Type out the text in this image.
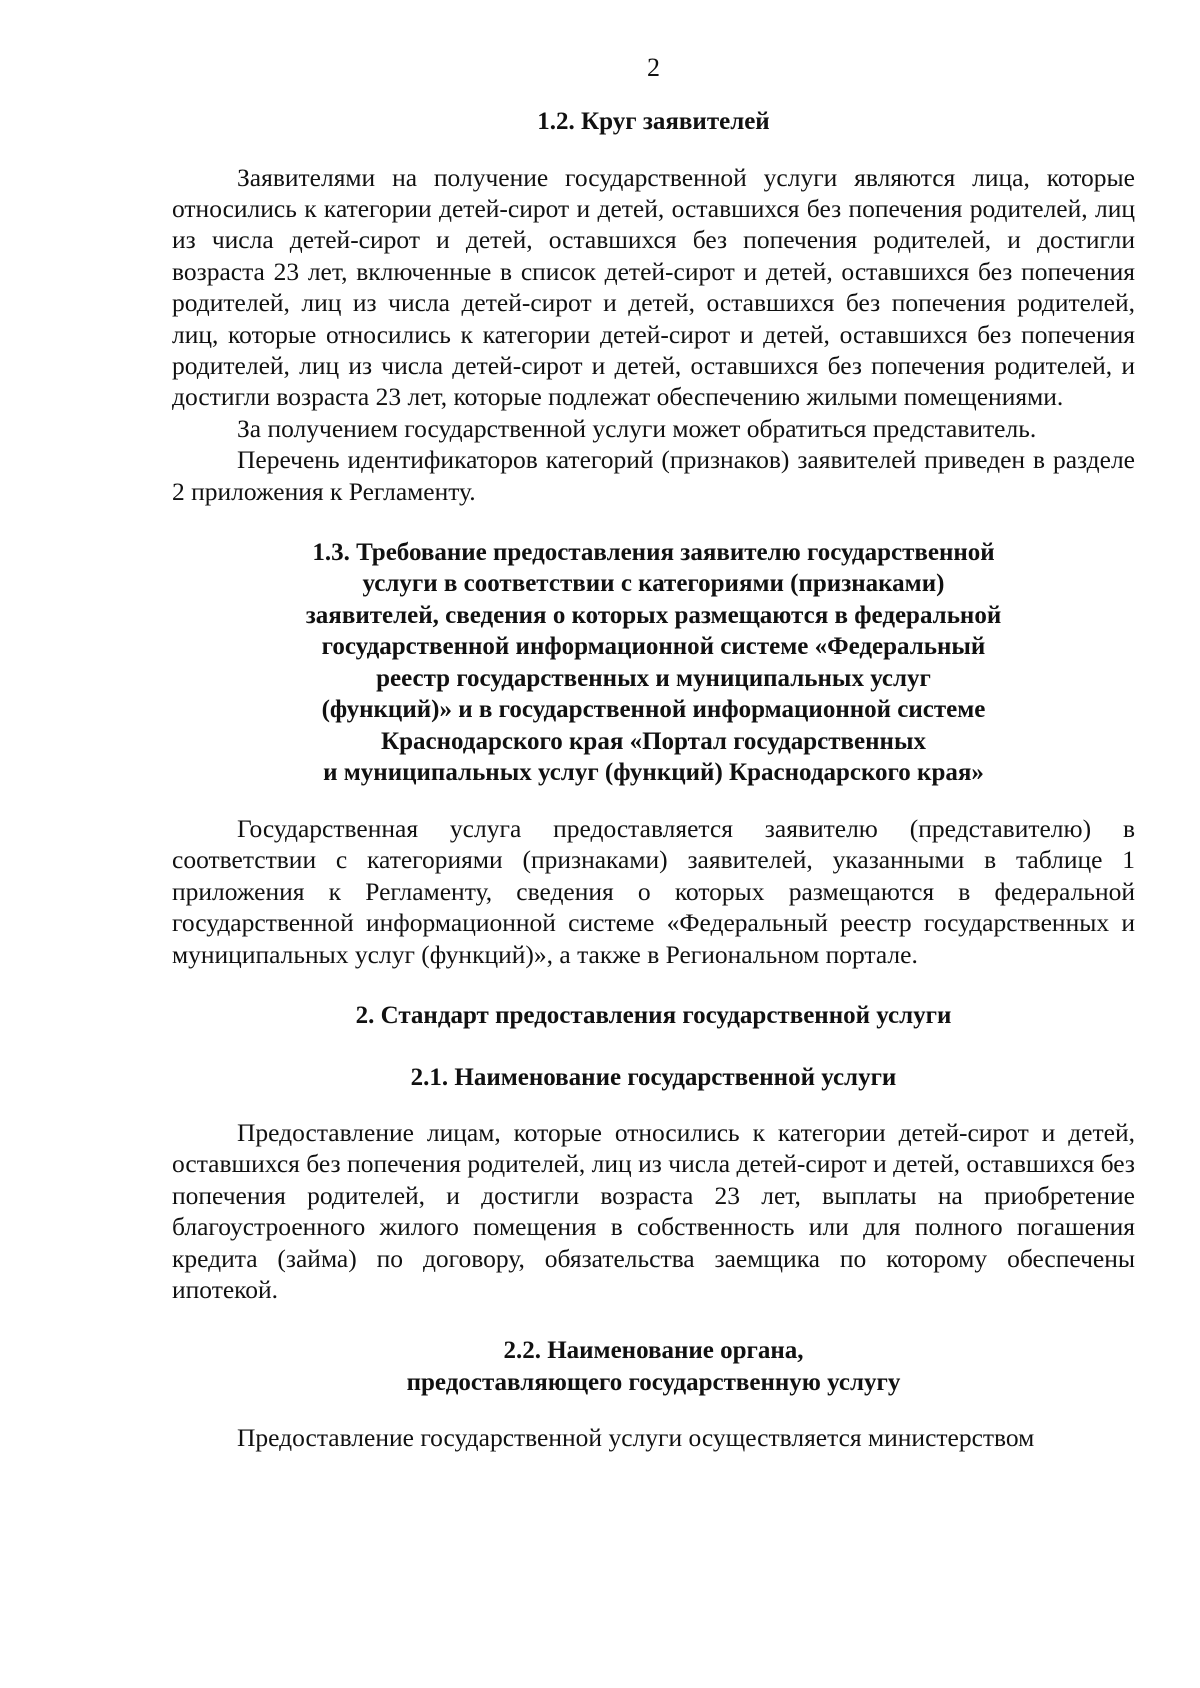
2
1.2. Круг заявителей

Заявителями на получение государственной услуги являются лица, которые относились к категории детей-сирот и детей, оставшихся без попечения родителей, лиц из числа детей-сирот и детей, оставшихся без попечения родителей, и достигли возраста 23 лет, включенные в список детей-сирот и детей, оставшихся без попечения родителей, лиц из числа детей-сирот и детей, оставшихся без попечения родителей, лиц, которые относились к категории детей-сирот и детей, оставшихся без попечения родителей, лиц из числа детей-сирот и детей, оставшихся без попечения родителей, и достигли возраста 23 лет, которые подлежат обеспечению жилыми помещениями.

За получением государственной услуги может обратиться представитель.

Перечень идентификаторов категорий (признаков) заявителей приведен в разделе 2 приложения к Регламенту.

1.3. Требование предоставления заявителю государственной
услуги в соответствии с категориями (признаками)
заявителей, сведения о которых размещаются в федеральной
государственной информационной системе «Федеральный
реестр государственных и муниципальных услуг
(функций)» и в государственной информационной системе
Краснодарского края «Портал государственных
и муниципальных услуг (функций) Краснодарского края»

Государственная услуга предоставляется заявителю (представителю) в соответствии с категориями (признаками) заявителей, указанными в таблице 1 приложения к Регламенту, сведения о которых размещаются в федеральной государственной информационной системе «Федеральный реестр государственных и муниципальных услуг (функций)», а также в Региональном портале.

2. Стандарт предоставления государственной услуги
2.1. Наименование государственной услуги

Предоставление лицам, которые относились к категории детей-сирот и детей, оставшихся без попечения родителей, лиц из числа детей-сирот и детей, оставшихся без попечения родителей, и достигли возраста 23 лет, выплаты на приобретение благоустроенного жилого помещения в собственность или для полного погашения кредита (займа) по договору, обязательства заемщика по которому обеспечены ипотекой.

2.2. Наименование органа,
предоставляющего государственную услугу

Предоставление государственной услуги осуществляется министерством
